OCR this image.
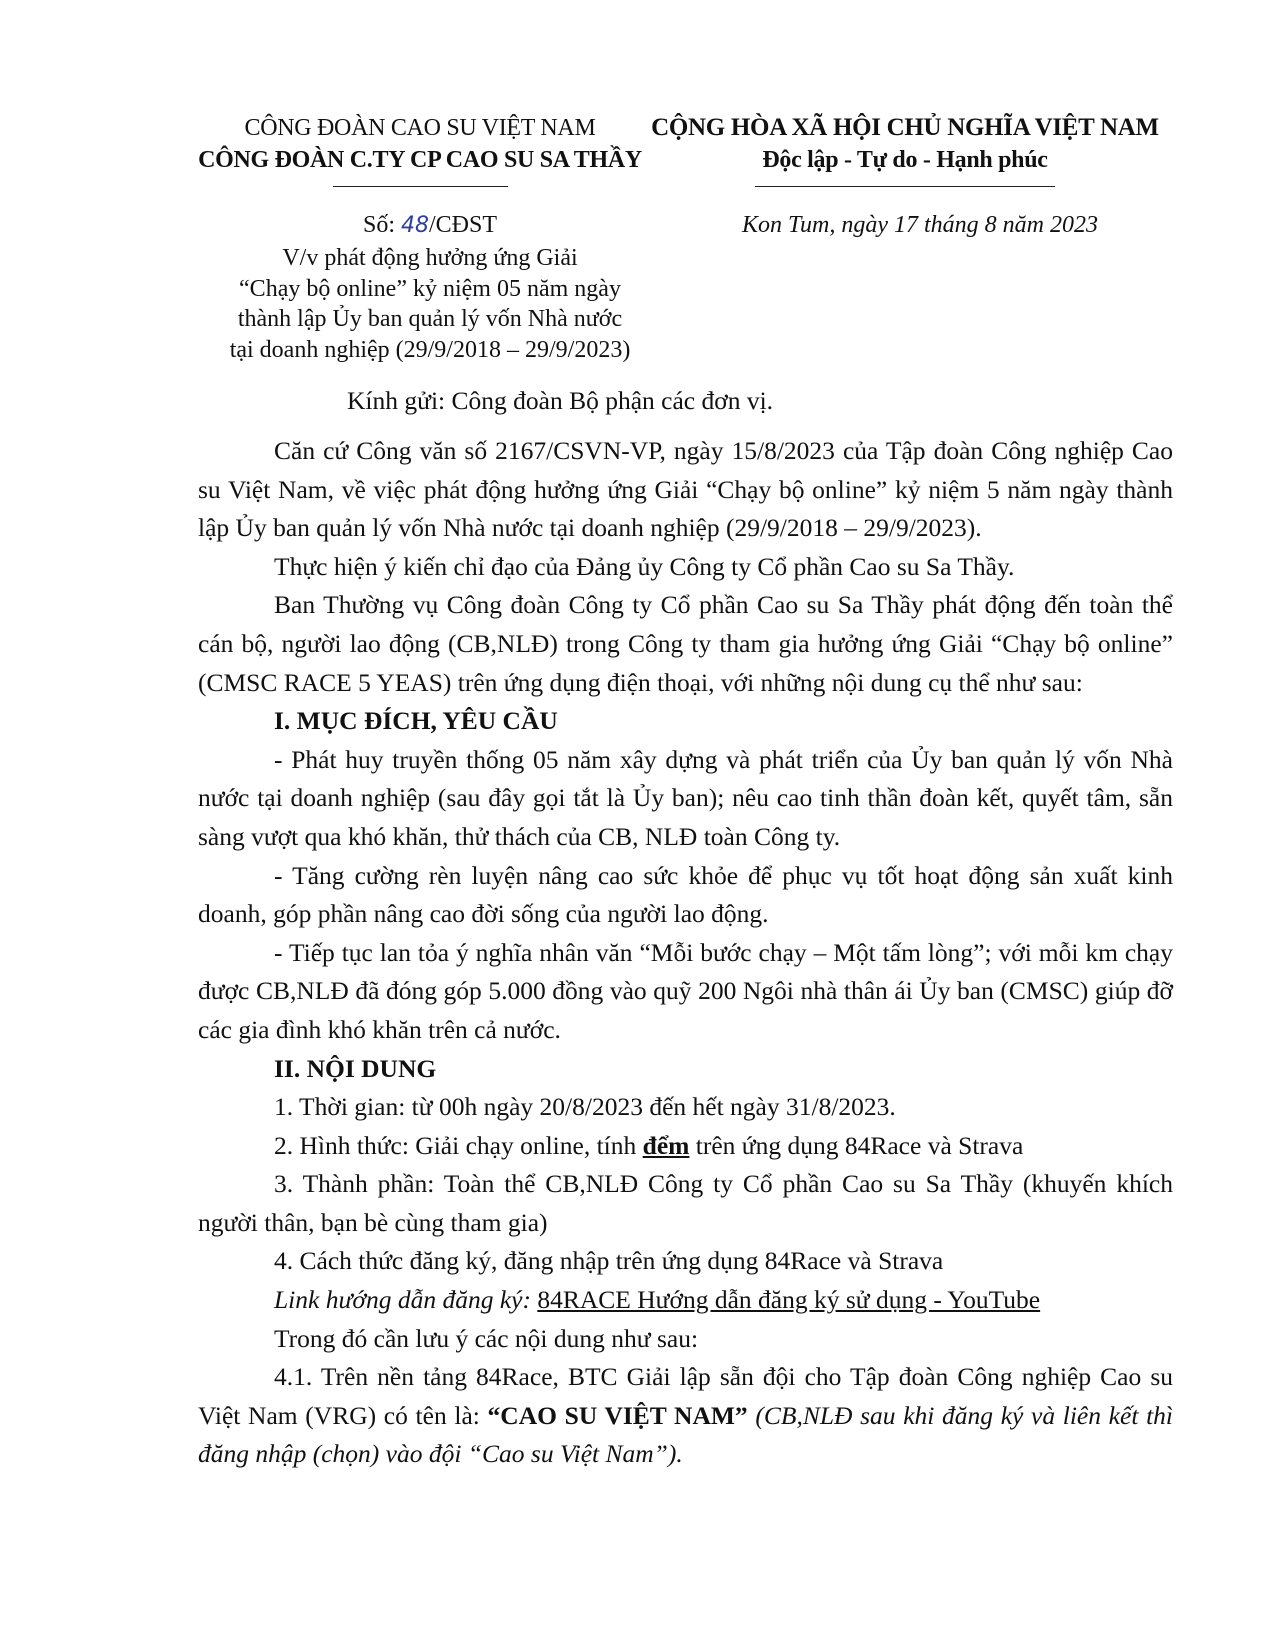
CÔNG ĐOÀN CAO SU VIỆT NAM
CÔNG ĐOÀN C.TY CP CAO SU SA THẦY
CỘNG HÒA XÃ HỘI CHỦ NGHĨA VIỆT NAM
Độc lập - Tự do - Hạnh phúc
Số: 48/CĐST
V/v phát động hưởng ứng Giải
“Chạy bộ online” kỷ niệm 05 năm ngày
thành lập Ủy ban quản lý vốn Nhà nước
tại doanh nghiệp (29/9/2018 – 29/9/2023)
Kon Tum, ngày 17 tháng 8 năm 2023
Kính gửi: Công đoàn Bộ phận các đơn vị.

Căn cứ Công văn số 2167/CSVN-VP, ngày 15/8/2023 của Tập đoàn Công nghiệp Cao su Việt Nam, về việc phát động hưởng ứng Giải “Chạy bộ online” kỷ niệm 5 năm ngày thành lập Ủy ban quản lý vốn Nhà nước tại doanh nghiệp (29/9/2018 – 29/9/2023).

Thực hiện ý kiến chỉ đạo của Đảng ủy Công ty Cổ phần Cao su Sa Thầy.

Ban Thường vụ Công đoàn Công ty Cổ phần Cao su Sa Thầy phát động đến toàn thể cán bộ, người lao động (CB,NLĐ) trong Công ty tham gia hưởng ứng Giải “Chạy bộ online” (CMSC RACE 5 YEAS) trên ứng dụng điện thoại, với những nội dung cụ thể như sau:

I. MỤC ĐÍCH, YÊU CẦU

- Phát huy truyền thống 05 năm xây dựng và phát triển của Ủy ban quản lý vốn Nhà nước tại doanh nghiệp (sau đây gọi tắt là Ủy ban); nêu cao tinh thần đoàn kết, quyết tâm, sẵn sàng vượt qua khó khăn, thử thách của CB, NLĐ toàn Công ty.

- Tăng cường rèn luyện nâng cao sức khỏe để phục vụ tốt hoạt động sản xuất kinh doanh, góp phần nâng cao đời sống của người lao động.

- Tiếp tục lan tỏa ý nghĩa nhân văn “Mỗi bước chạy – Một tấm lòng”; với mỗi km chạy được CB,NLĐ đã đóng góp 5.000 đồng vào quỹ 200 Ngôi nhà thân ái Ủy ban (CMSC) giúp đỡ các gia đình khó khăn trên cả nước.

II. NỘI DUNG

1. Thời gian: từ 00h ngày 20/8/2023 đến hết ngày 31/8/2023.

2. Hình thức: Giải chạy online, tính đểm trên ứng dụng 84Race và Strava

3. Thành phần: Toàn thể CB,NLĐ Công ty Cổ phần Cao su Sa Thầy (khuyến khích người thân, bạn bè cùng tham gia)

4. Cách thức đăng ký, đăng nhập trên ứng dụng 84Race và Strava

Link hướng dẫn đăng ký: 84RACE Hướng dẫn đăng ký sử dụng - YouTube

Trong đó cần lưu ý các nội dung như sau:

4.1. Trên nền tảng 84Race, BTC Giải lập sẵn đội cho Tập đoàn Công nghiệp Cao su Việt Nam (VRG) có tên là: “CAO SU VIỆT NAM” (CB,NLĐ sau khi đăng ký và liên kết thì đăng nhập (chọn) vào đội “Cao su Việt Nam”).
